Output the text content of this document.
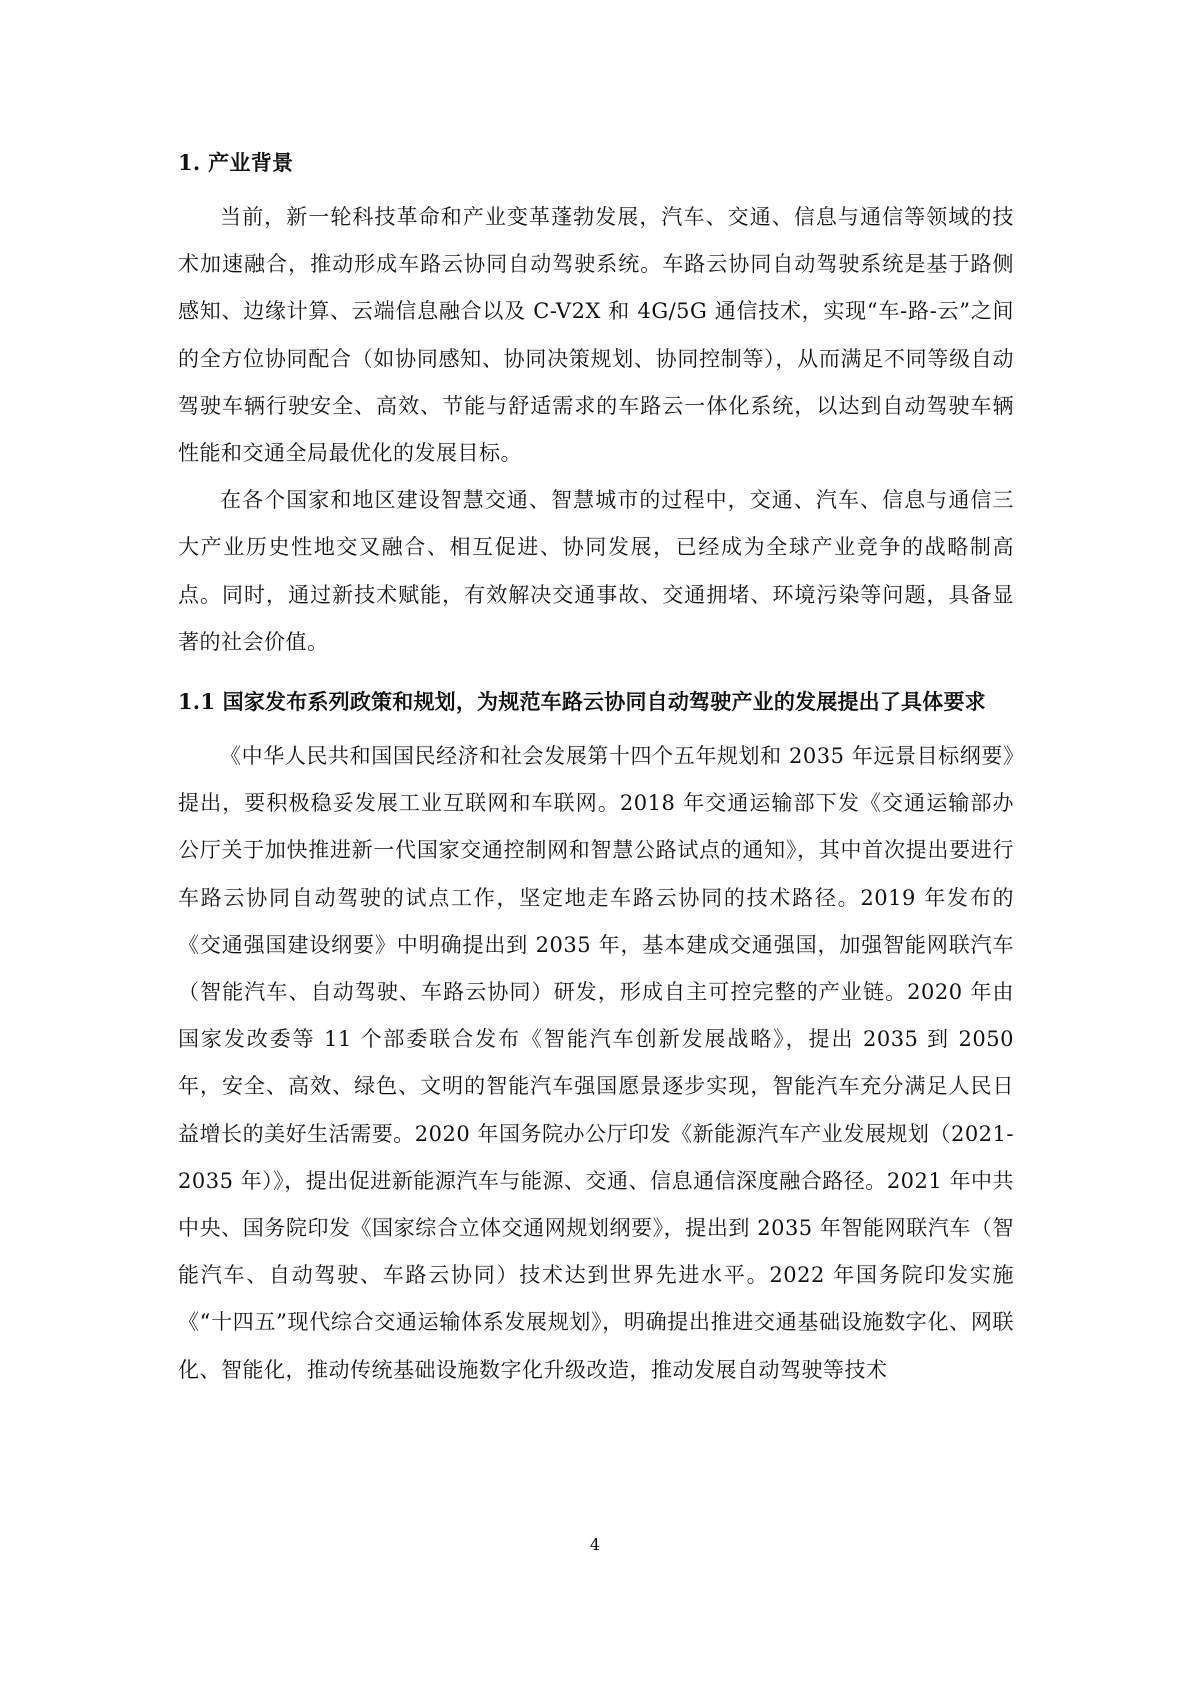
1. 产业背景

当前，新一轮科技革命和产业变革蓬勃发展，汽车、交通、信息与通信等领域的技术加速融合，推动形成车路云协同自动驾驶系统。车路云协同自动驾驶系统是基于路侧感知、边缘计算、云端信息融合以及 C-V2X 和 4G/5G 通信技术，实现“车-路-云”之间的全方位协同配合（如协同感知、协同决策规划、协同控制等），从而满足不同等级自动驾驶车辆行驶安全、高效、节能与舒适需求的车路云一体化系统，以达到自动驾驶车辆性能和交通全局最优化的发展目标。

在各个国家和地区建设智慧交通、智慧城市的过程中，交通、汽车、信息与通信三大产业历史性地交叉融合、相互促进、协同发展，已经成为全球产业竞争的战略制高点。同时，通过新技术赋能，有效解决交通事故、交通拥堵、环境污染等问题，具备显著的社会价值。

1.1 国家发布系列政策和规划，为规范车路云协同自动驾驶产业的发展提出了具体要求

《中华人民共和国国民经济和社会发展第十四个五年规划和 2035 年远景目标纲要》提出，要积极稳妥发展工业互联网和车联网。2018 年交通运输部下发《交通运输部办公厅关于加快推进新一代国家交通控制网和智慧公路试点的通知》，其中首次提出要进行车路云协同自动驾驶的试点工作，坚定地走车路云协同的技术路径。2019 年发布的《交通强国建设纲要》中明确提出到 2035 年，基本建成交通强国，加强智能网联汽车（智能汽车、自动驾驶、车路云协同）研发，形成自主可控完整的产业链。2020 年由国家发改委等 11 个部委联合发布《智能汽车创新发展战略》，提出 2035 到 2050 年，安全、高效、绿色、文明的智能汽车强国愿景逐步实现，智能汽车充分满足人民日益增长的美好生活需要。2020 年国务院办公厅印发《新能源汽车产业发展规划（2021-2035 年）》，提出促进新能源汽车与能源、交通、信息通信深度融合路径。2021 年中共中央、国务院印发《国家综合立体交通网规划纲要》，提出到 2035 年智能网联汽车（智能汽车、自动驾驶、车路云协同）技术达到世界先进水平。2022 年国务院印发实施《“十四五”现代综合交通运输体系发展规划》，明确提出推进交通基础设施数字化、网联化、智能化，推动传统基础设施数字化升级改造，推动发展自动驾驶等技术

4
